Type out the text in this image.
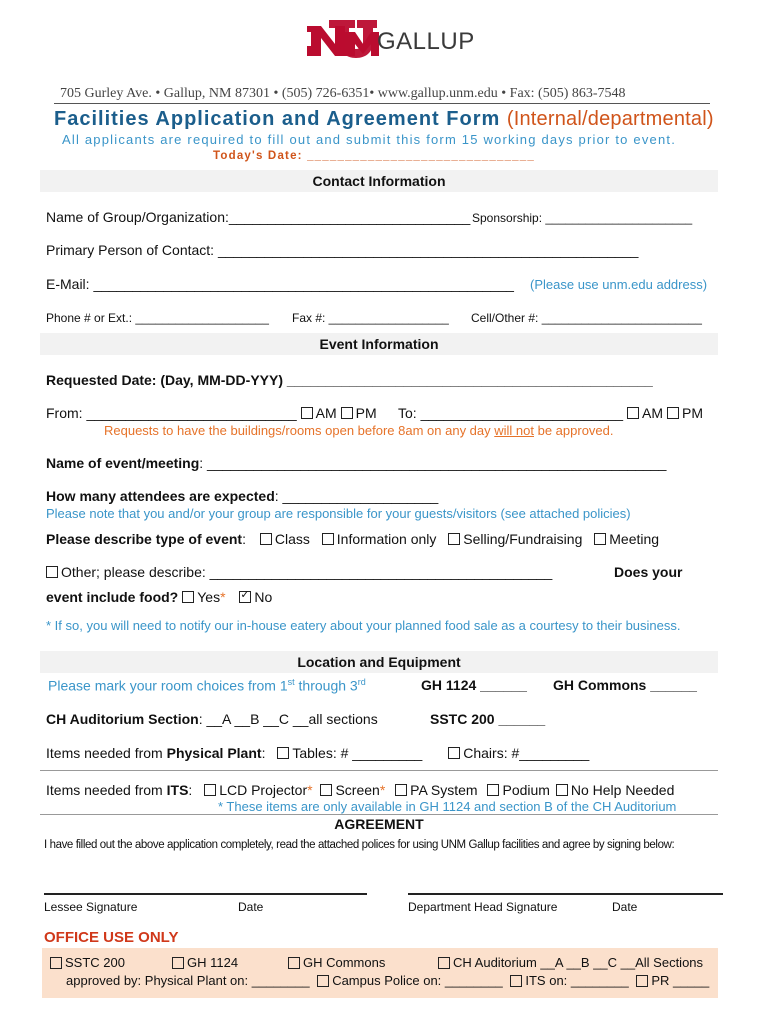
GALLUP
705 Gurley Ave. • Gallup, NM 87301 • (505) 726-6351• www.gallup.unm.edu • Fax: (505) 863-7548
Facilities Application and Agreement Form (Internal/departmental)
All applicants are required to fill out and submit this form 15 working days prior to event.
Today's Date: ______________________________
Contact Information
Name of Group/Organization:_______________________________ Sponsorship: ______________________
Primary Person of Contact: ______________________________________________________
E-Mail: ______________________________________________________ (Please use unm.edu address)
Phone # or Ext.: ____________________ Fax #: __________________ Cell/Other #: ________________________
Event Information
Requested Date: (Day, MM-DD-YYY) _______________________________________________
From: ___________________________ AM PM To: __________________________ AM PM
Requests to have the buildings/rooms open before 8am on any day will not be approved.
Name of event/meeting: ___________________________________________________________
How many attendees are expected: ____________________
Please note that you and/or your group are responsible for your guests/visitors (see attached policies)
Please describe type of event: Class Information only Selling/Fundraising Meeting
Other; please describe: ____________________________________________	Does your
event include food? Yes* ✓ No
* If so, you will need to notify our in-house eatery about your planned food sale as a courtesy to their business.
Location and Equipment
Please mark your room choices from 1st through 3rd	GH 1124 ______ GH Commons ______
CH Auditorium Section: __A __B __C __all sections	SSTC 200 ______
Items needed from Physical Plant: Tables: # _________	Chairs: #_________
Items needed from ITS: LCD Projector* Screen* PA System Podium No Help Needed
* These items are only available in GH 1124 and section B of the CH Auditorium
AGREEMENT
I have filled out the above application completely, read the attached polices for using UNM Gallup facilities and agree by signing below:
Lessee Signature	Date	Department Head Signature	Date
OFFICE USE ONLY
SSTC 200	GH 1124	GH Commons	CH Auditorium __A __B __C __All Sections
approved by: Physical Plant on: ________ Campus Police on: ________ ITS on: ________ PR _____
